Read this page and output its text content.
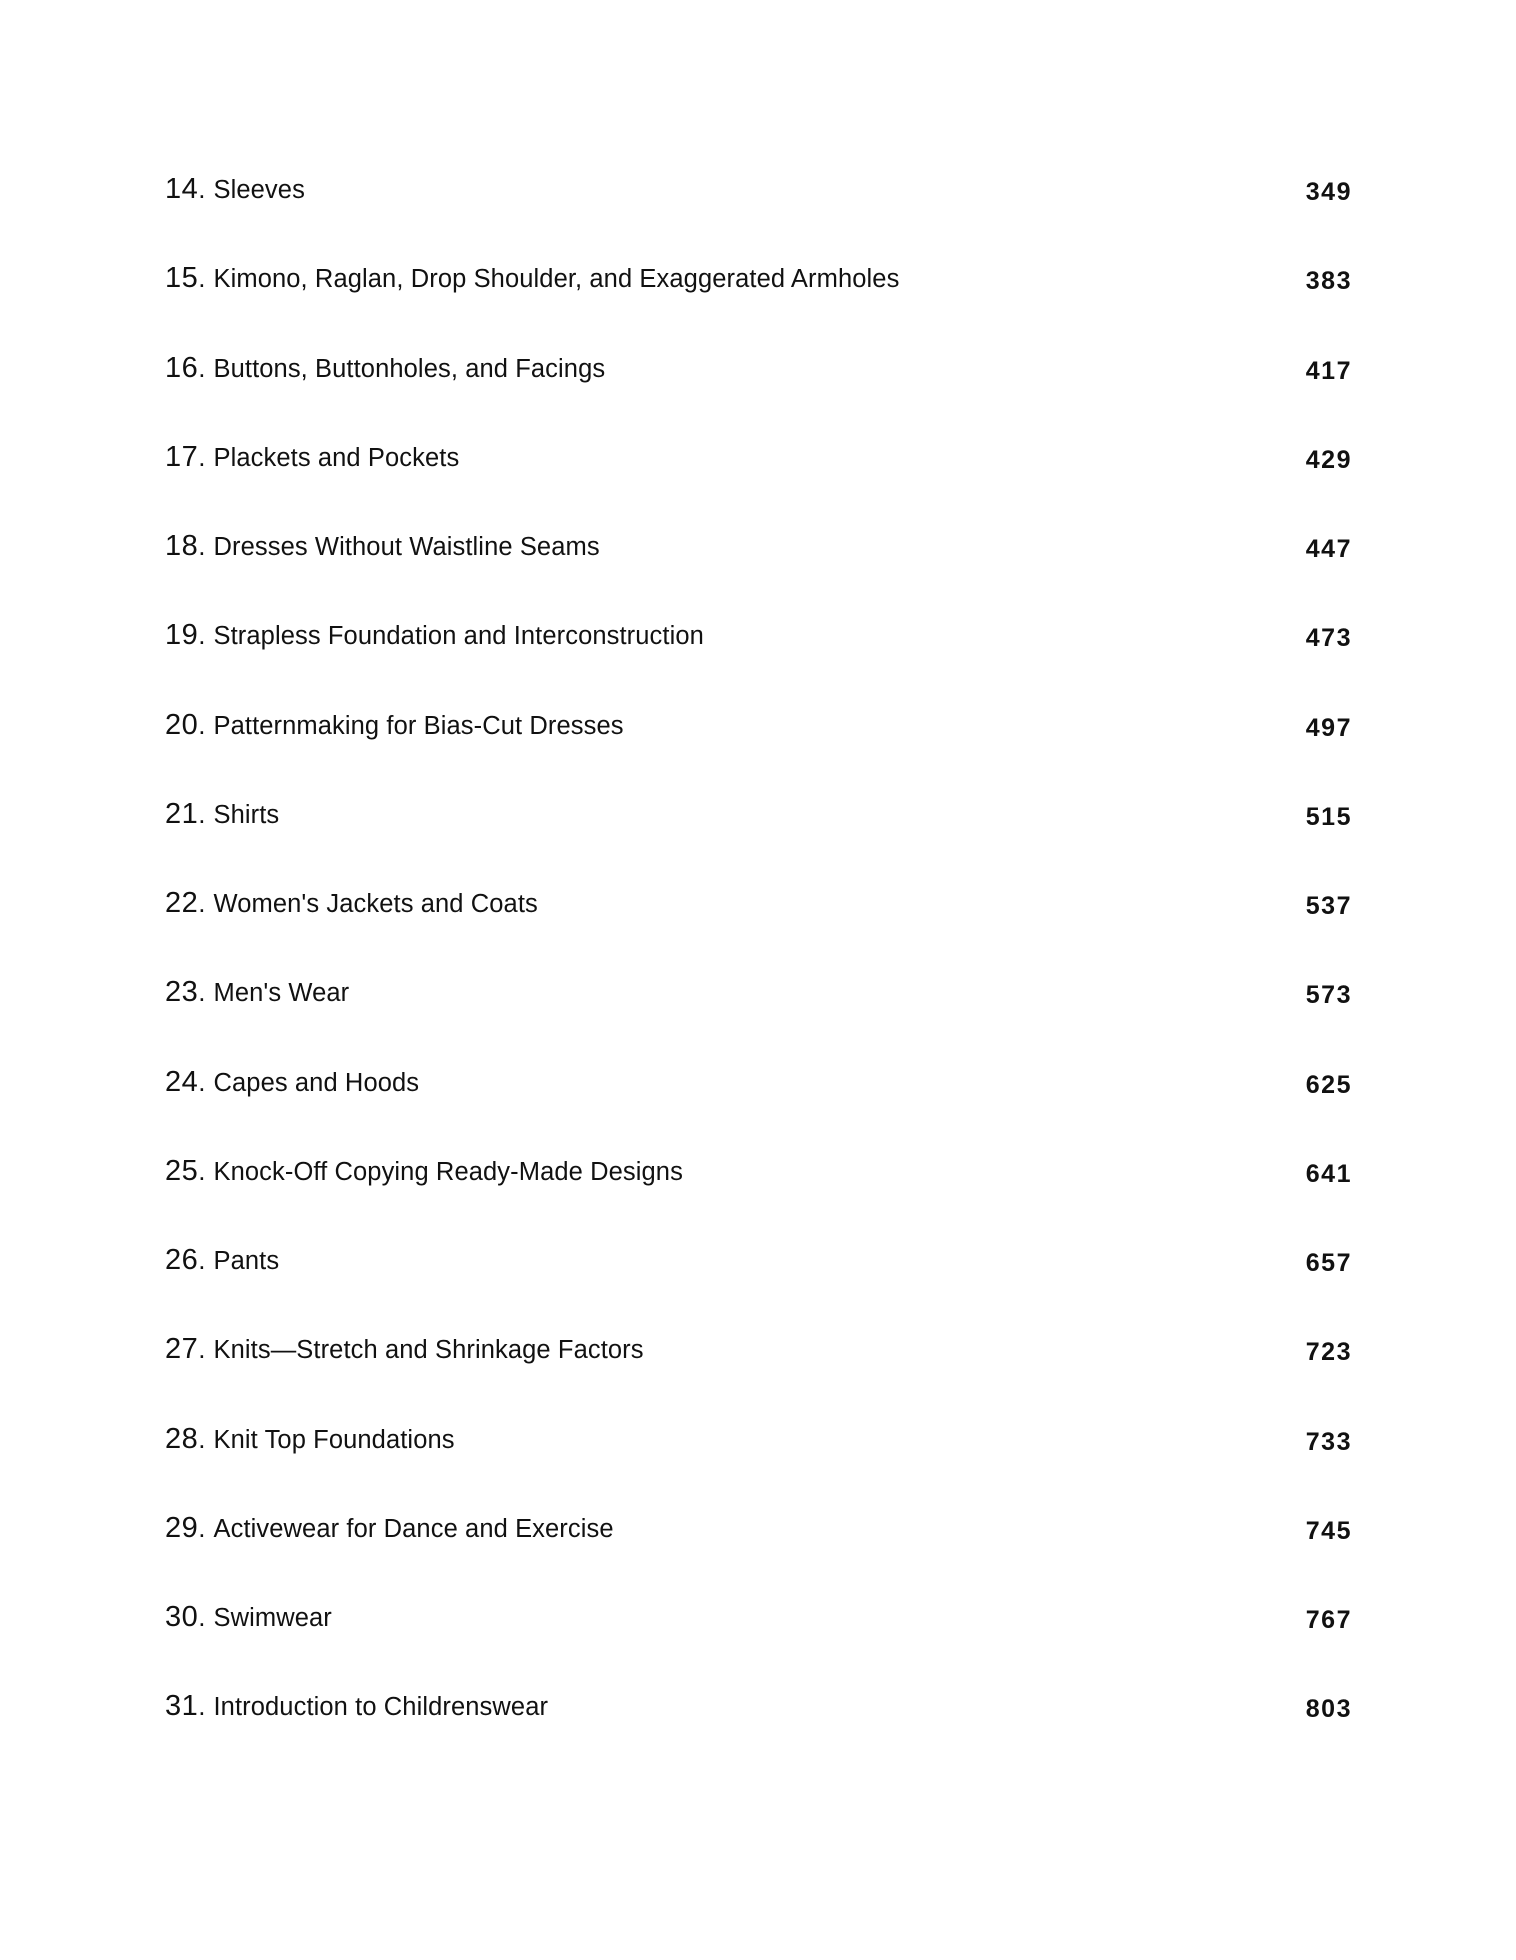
14 . Sleeves	349
15 . Kimono, Raglan, Drop Shoulder, and Exaggerated Armholes	383
16 . Buttons, Buttonholes, and Facings	417
17 . Plackets and Pockets	429
18 . Dresses Without Waistline Seams	447
19 . Strapless Foundation and Interconstruction	473
20 . Patternmaking for Bias-Cut Dresses	497
21 . Shirts	515
22 . Women's Jackets and Coats	537
23 . Men's Wear	573
24 . Capes and Hoods	625
25 . Knock-Off Copying Ready-Made Designs	641
26 . Pants	657
27 . Knits—Stretch and Shrinkage Factors	723
28 . Knit Top Foundations	733
29 . Activewear for Dance and Exercise	745
30 . Swimwear	767
31 . Introduction to Childrenswear	803
